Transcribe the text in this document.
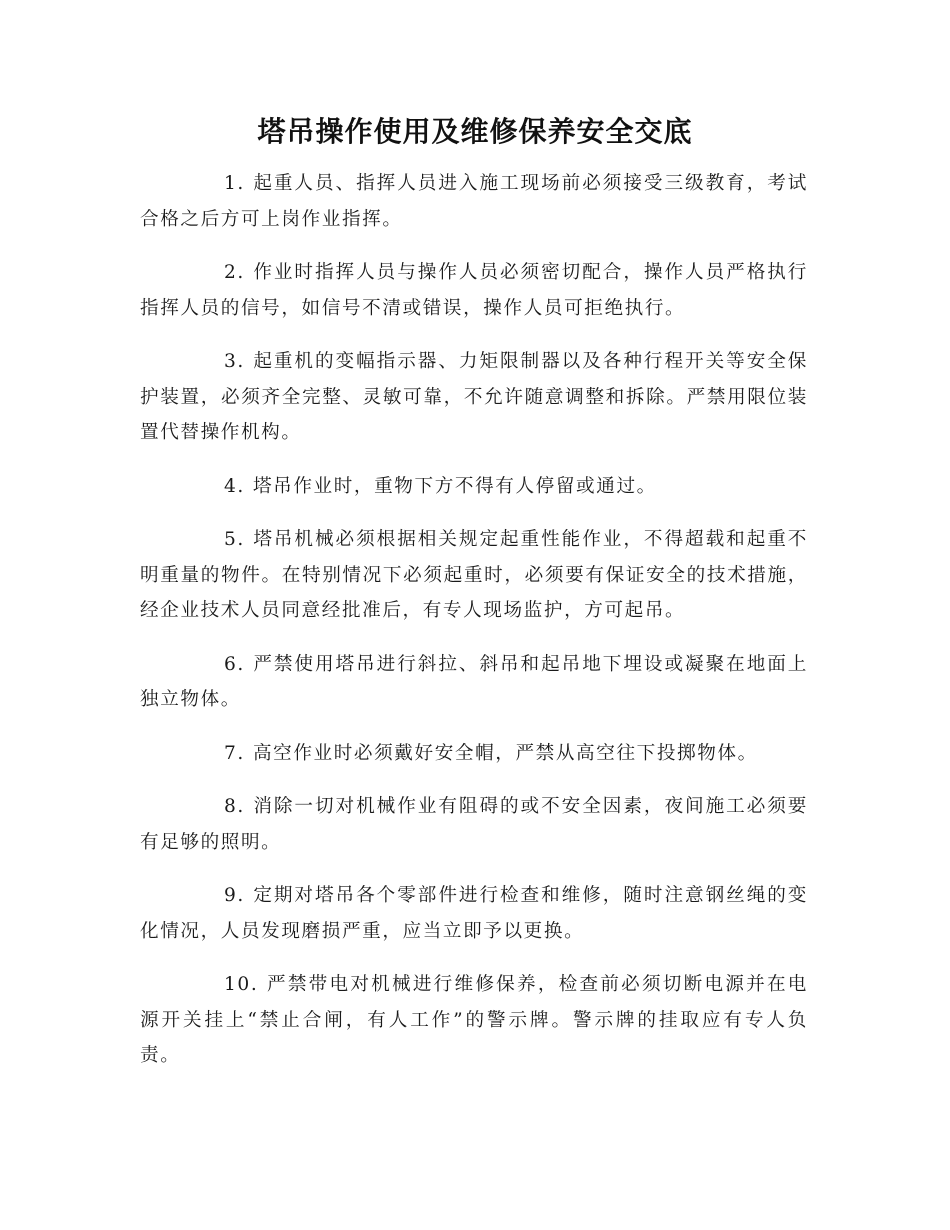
塔吊操作使用及维修保养安全交底

1. 起重人员、指挥人员进入施工现场前必须接受三级教育，考试合格之后方可上岗作业指挥。

2. 作业时指挥人员与操作人员必须密切配合，操作人员严格执行指挥人员的信号，如信号不清或错误，操作人员可拒绝执行。

3. 起重机的变幅指示器、力矩限制器以及各种行程开关等安全保护装置，必须齐全完整、灵敏可靠，不允许随意调整和拆除。严禁用限位装置代替操作机构。

4. 塔吊作业时，重物下方不得有人停留或通过。

5. 塔吊机械必须根据相关规定起重性能作业，不得超载和起重不明重量的物件。在特别情况下必须起重时，必须要有保证安全的技术措施，经企业技术人员同意经批准后，有专人现场监护，方可起吊。

6. 严禁使用塔吊进行斜拉、斜吊和起吊地下埋设或凝聚在地面上独立物体。

7. 高空作业时必须戴好安全帽，严禁从高空往下投掷物体。

8. 消除一切对机械作业有阻碍的或不安全因素，夜间施工必须要有足够的照明。

9. 定期对塔吊各个零部件进行检查和维修，随时注意钢丝绳的变化情况，人员发现磨损严重，应当立即予以更换。

10. 严禁带电对机械进行维修保养，检查前必须切断电源并在电源开关挂上“禁止合闸，有人工作”的警示牌。警示牌的挂取应有专人负责。
